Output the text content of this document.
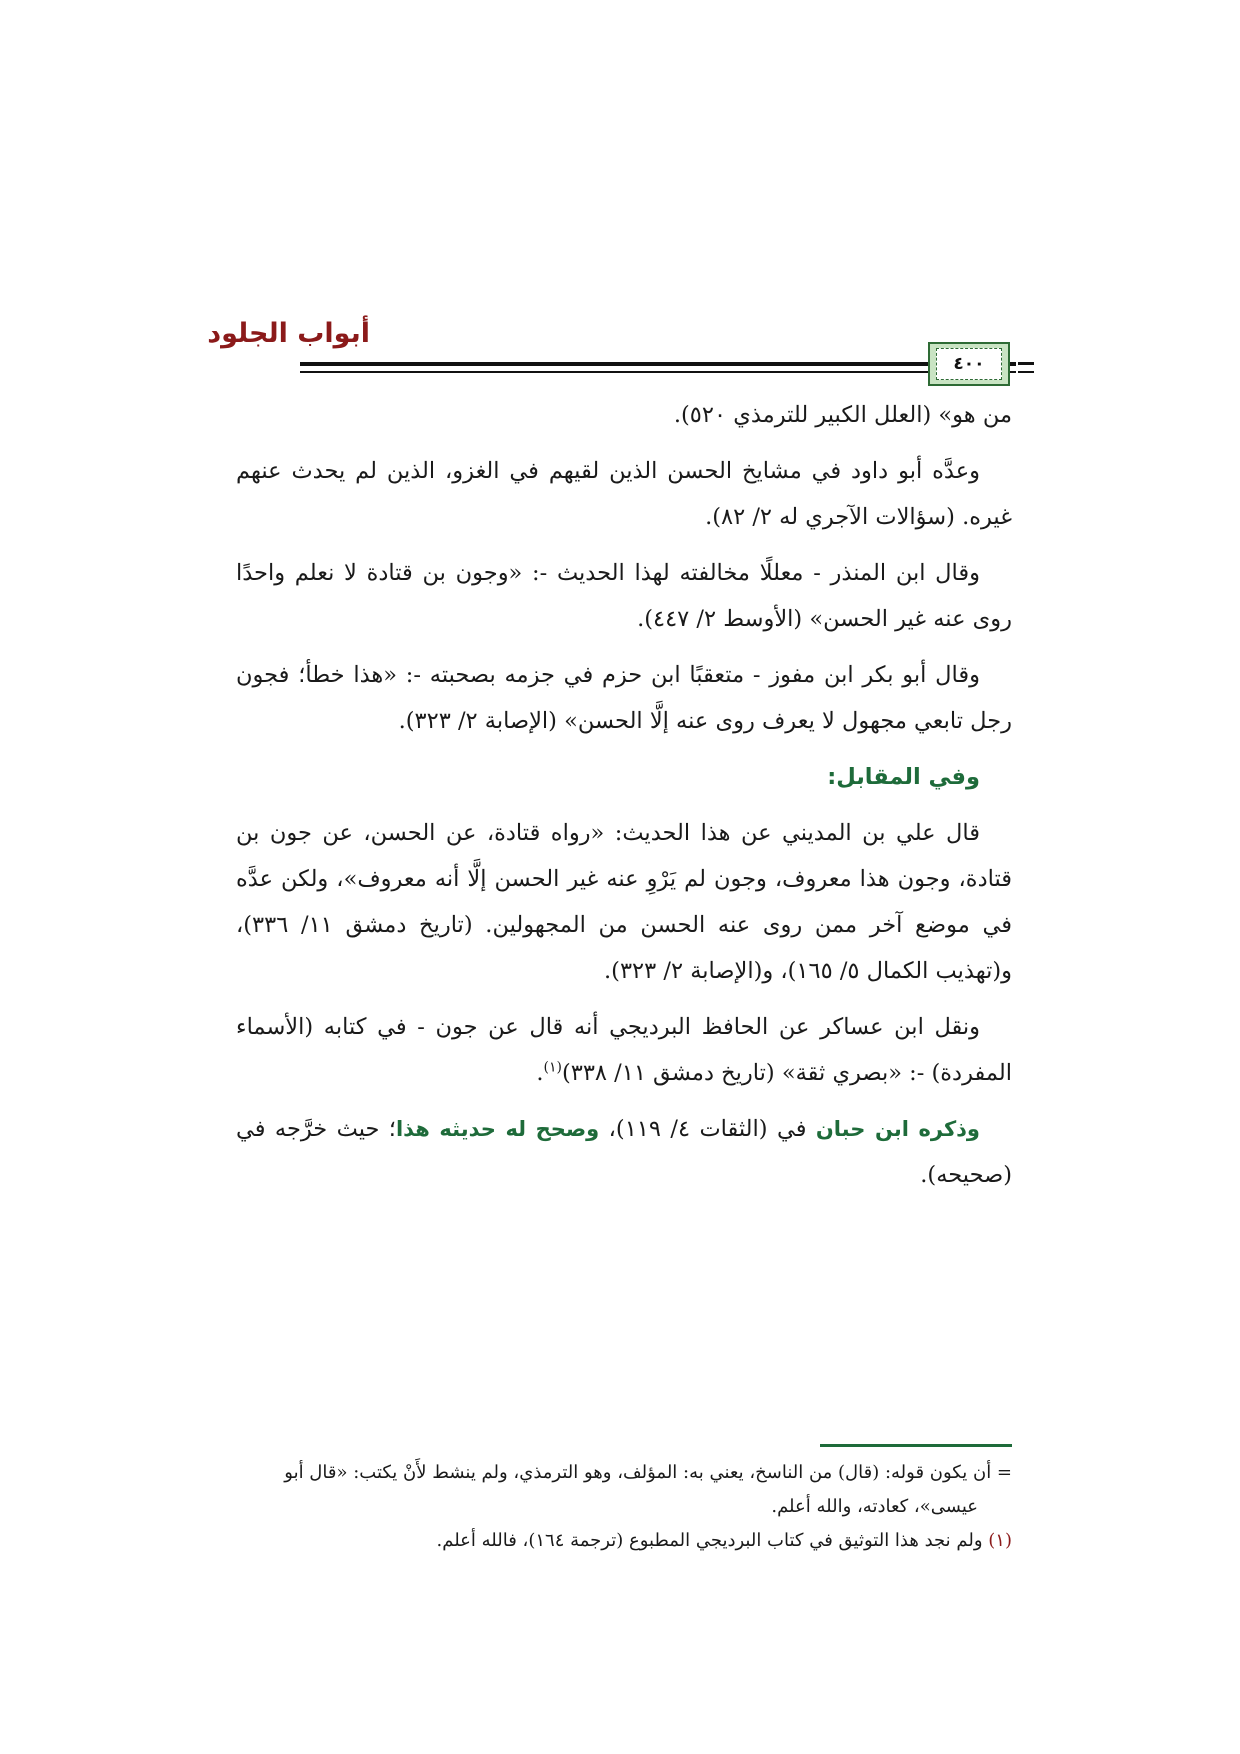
أبواب الجلود
٤٠٠

من هو» (العلل الكبير للترمذي ٥٢٠).

وعدَّه أبو داود في مشايخ الحسن الذين لقيهم في الغزو، الذين لم يحدث عنهم غيره. (سؤالات الآجري له ٢/ ٨٢).

وقال ابن المنذر - معللًا مخالفته لهذا الحديث -: «وجون بن قتادة لا نعلم واحدًا روى عنه غير الحسن» (الأوسط ٢/ ٤٤٧).

وقال أبو بكر ابن مفوز - متعقبًا ابن حزم في جزمه بصحبته -: «هذا خطأ؛ فجون رجل تابعي مجهول لا يعرف روى عنه إلَّا الحسن» (الإصابة ٢/ ٣٢٣).

وفي المقابل:

قال علي بن المديني عن هذا الحديث: «رواه قتادة، عن الحسن، عن جون بن قتادة، وجون هذا معروف، وجون لم يَرْوِ عنه غير الحسن إلَّا أنه معروف»، ولكن عدَّه في موضع آخر ممن روى عنه الحسن من المجهولين. (تاريخ دمشق ١١/ ٣٣٦)، و(تهذيب الكمال ٥/ ١٦٥)، و(الإصابة ٢/ ٣٢٣).

ونقل ابن عساكر عن الحافظ البرديجي أنه قال عن جون - في كتابه (الأسماء المفردة) -: «بصري ثقة» (تاريخ دمشق ١١/ ٣٣٨)$^{(١)}$.

وذكره ابن حبان في (الثقات ٤/ ١١٩)، وصحح له حديثه هذا؛ حيث خرَّجه في (صحيحه).

= أن يكون قوله: (قال) من الناسخ، يعني به: المؤلف، وهو الترمذي، ولم ينشط لأَنْ يكتب: «قال أبو عيسى»، كعادته، والله أعلم.

(١) ولم نجد هذا التوثيق في كتاب البرديجي المطبوع (ترجمة ١٦٤)، فالله أعلم.
